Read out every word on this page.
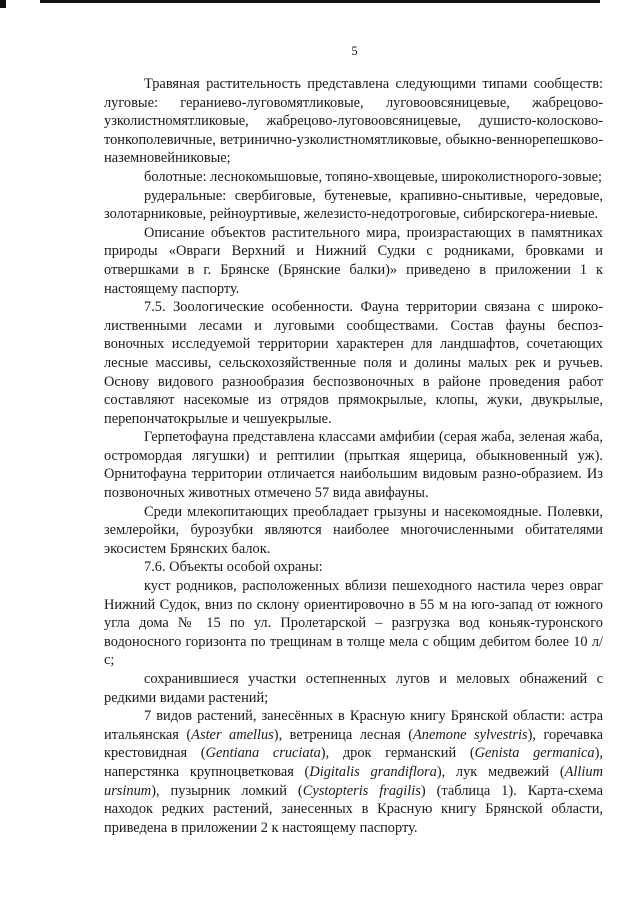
5

Травяная растительность представлена следующими типами сообществ: луговые: гераниево-луговомятликовые, луговоовсяницевые, жабрецово-узколистномятликовые, жабрецово-луговоовсяницевые, душисто-колосково-тонкополевичные, ветринично-узколистномятликовые, обыкно-веннорепешково-наземновейниковые;

болотные: леснокомышовые, топяно-хвощевые, широколистнорого-зовые;

рудеральные: свербиговые, бутеневые, крапивно-снытивые, чередовые, золотарниковые, рейноуртивые, железисто-недотроговые, сибирскогера-ниевые.

Описание объектов растительного мира, произрастающих в памятниках природы «Овраги Верхний и Нижний Судки с родниками, бровками и отвершками в г. Брянске (Брянские балки)» приведено в приложении 1 к настоящему паспорту.

7.5. Зоологические особенности. Фауна территории связана с широко-лиственными лесами и луговыми сообществами. Состав фауны беспоз-воночных исследуемой территории характерен для ландшафтов, сочетающих лесные массивы, сельскохозяйственные поля и долины малых рек и ручьев. Основу видового разнообразия беспозвоночных в районе проведения работ составляют насекомые из отрядов прямокрылые, клопы, жуки, двукрылые, перепончатокрылые и чешуекрылые.

Герпетофауна представлена классами амфибии (серая жаба, зеленая жаба, остромордая лягушки) и рептилии (прыткая ящерица, обыкновенный уж). Орнитофауна территории отличается наибольшим видовым разно-образием. Из позвоночных животных отмечено 57 вида авифауны.

Среди млекопитающих преобладает грызуны и насекомоядные. Полевки, землеройки, бурозубки являются наиболее многочисленными обитателями экосистем Брянских балок.

7.6. Объекты особой охраны:

куст родников, расположенных вблизи пешеходного настила через овраг Нижний Судок, вниз по склону ориентировочно в 55 м на юго-запад от южного угла дома № 15 по ул. Пролетарской – разгрузка вод коньяк-туронского водоносного горизонта по трещинам в толще мела с общим дебитом более 10 л/с;

сохранившиеся участки остепненных лугов и меловых обнажений с редкими видами растений;

7 видов растений, занесённых в Красную книгу Брянской области: астра итальянская (Aster amellus), ветреница лесная (Anemone sylvestris), горечавка крестовидная (Gentiana cruciata), дрок германский (Genista germanica), наперстянка крупноцветковая (Digitalis grandiflora), лук медвежий (Allium ursinum), пузырник ломкий (Cystopteris fragilis) (таблица 1). Карта-схема находок редких растений, занесенных в Красную книгу Брянской области, приведена в приложении 2 к настоящему паспорту.
